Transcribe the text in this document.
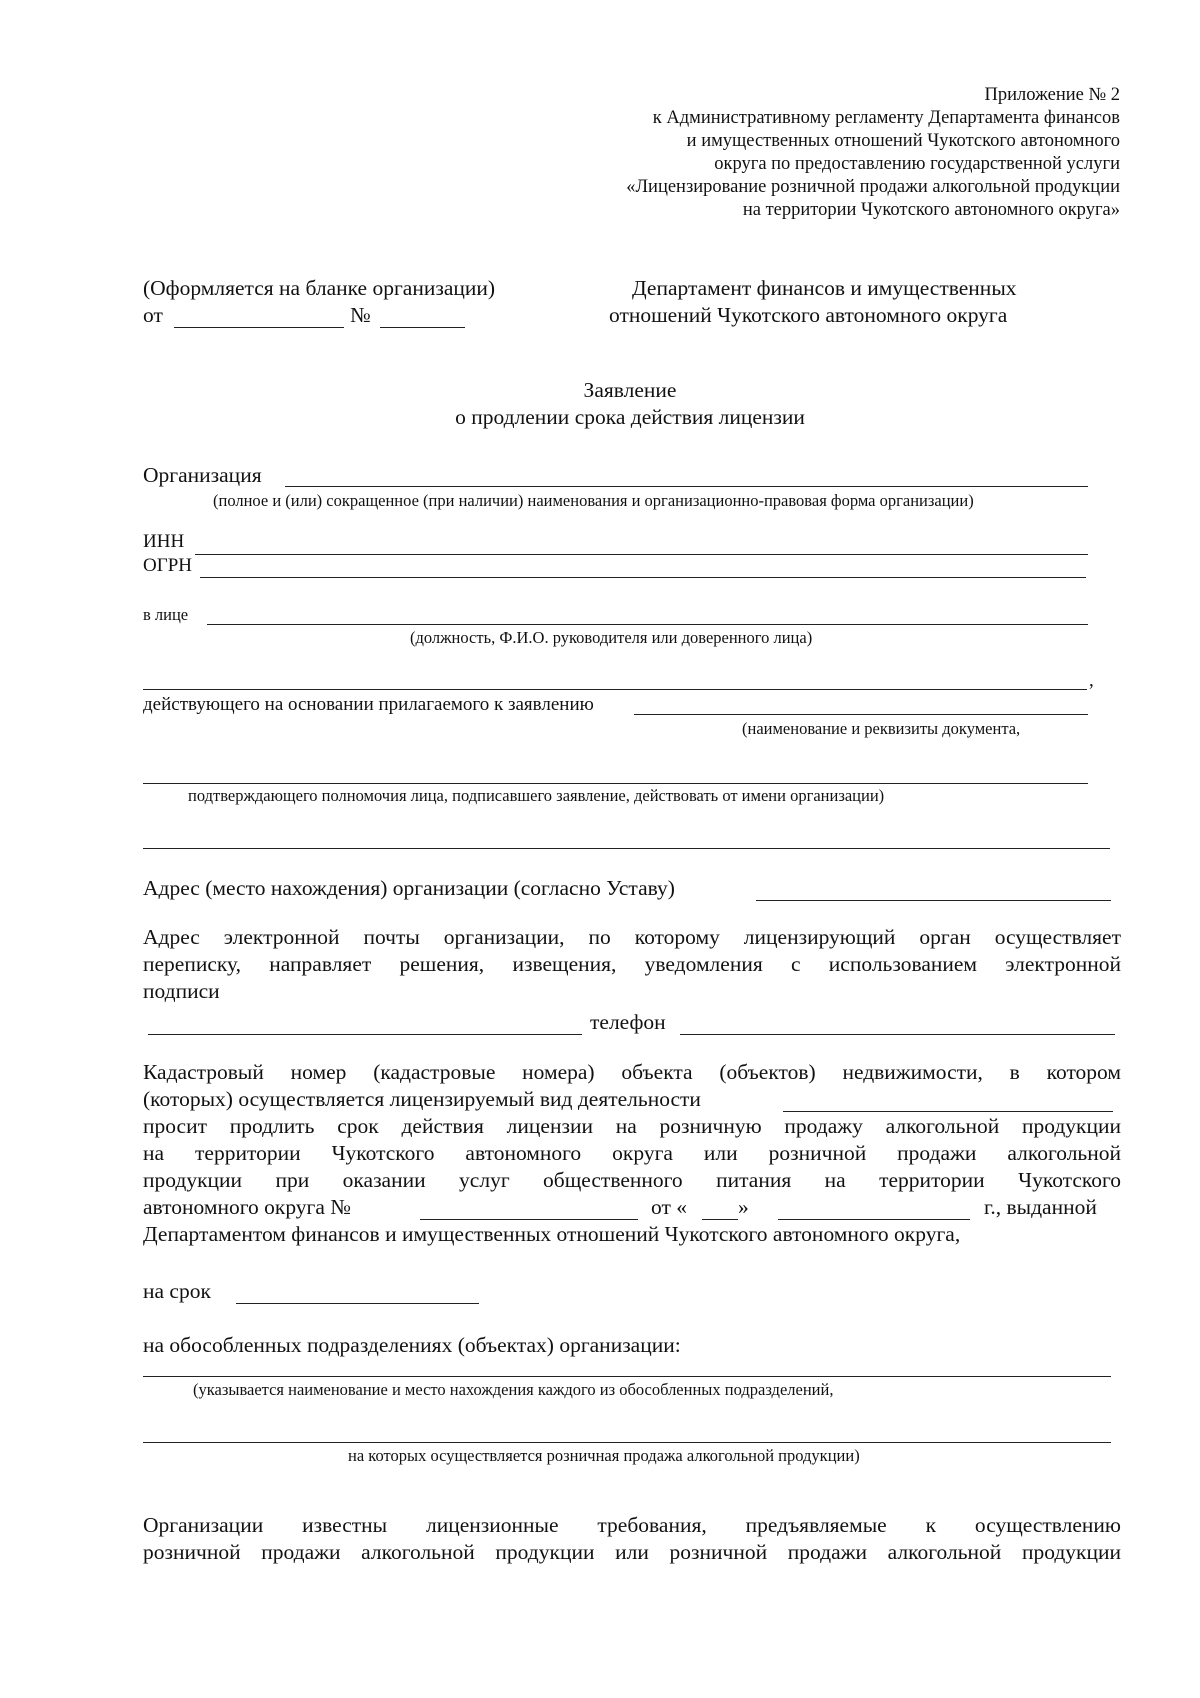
Приложение № 2
к Административному регламенту Департамента финансов
и имущественных отношений Чукотского автономного
округа по предоставлению государственной услуги
«Лицензирование розничной продажи алкогольной продукции
на территории Чукотского автономного округа»
(Оформляется на бланке организации)
от	№
Департамент финансов и имущественных
отношений Чукотского автономного округа
Заявление
о продлении срока действия лицензии
Организация
(полное и (или) сокращенное (при наличии) наименования и организационно-правовая форма организации)
ИНН
ОГРН
в лице
(должность, Ф.И.О. руководителя или доверенного лица)
,
действующего на основании прилагаемого к заявлению
(наименование и реквизиты документа,
подтверждающего полномочия лица, подписавшего заявление, действовать от имени организации)
Адрес (место нахождения) организации (согласно Уставу)
Адрес электронной почты организации, по которому лицензирующий орган осуществляет
переписку, направляет решения, извещения, уведомления с использованием электронной
подписи
телефон
Кадастровый номер (кадастровые номера) объекта (объектов) недвижимости, в котором
(которых) осуществляется лицензируемый вид деятельности
просит продлить срок действия лицензии на розничную продажу алкогольной продукции
на территории Чукотского автономного округа или розничной продажи алкогольной
продукции при оказании услуг общественного питания на территории Чукотского
автономного округа №	от « »	г., выданной
Департаментом финансов и имущественных отношений Чукотского автономного округа,
на срок
на обособленных подразделениях (объектах) организации:
(указывается наименование и место нахождения каждого из обособленных подразделений,
на которых осуществляется розничная продажа алкогольной продукции)
Организации известны лицензионные требования, предъявляемые к осуществлению
розничной продажи алкогольной продукции или розничной продажи алкогольной продукции
